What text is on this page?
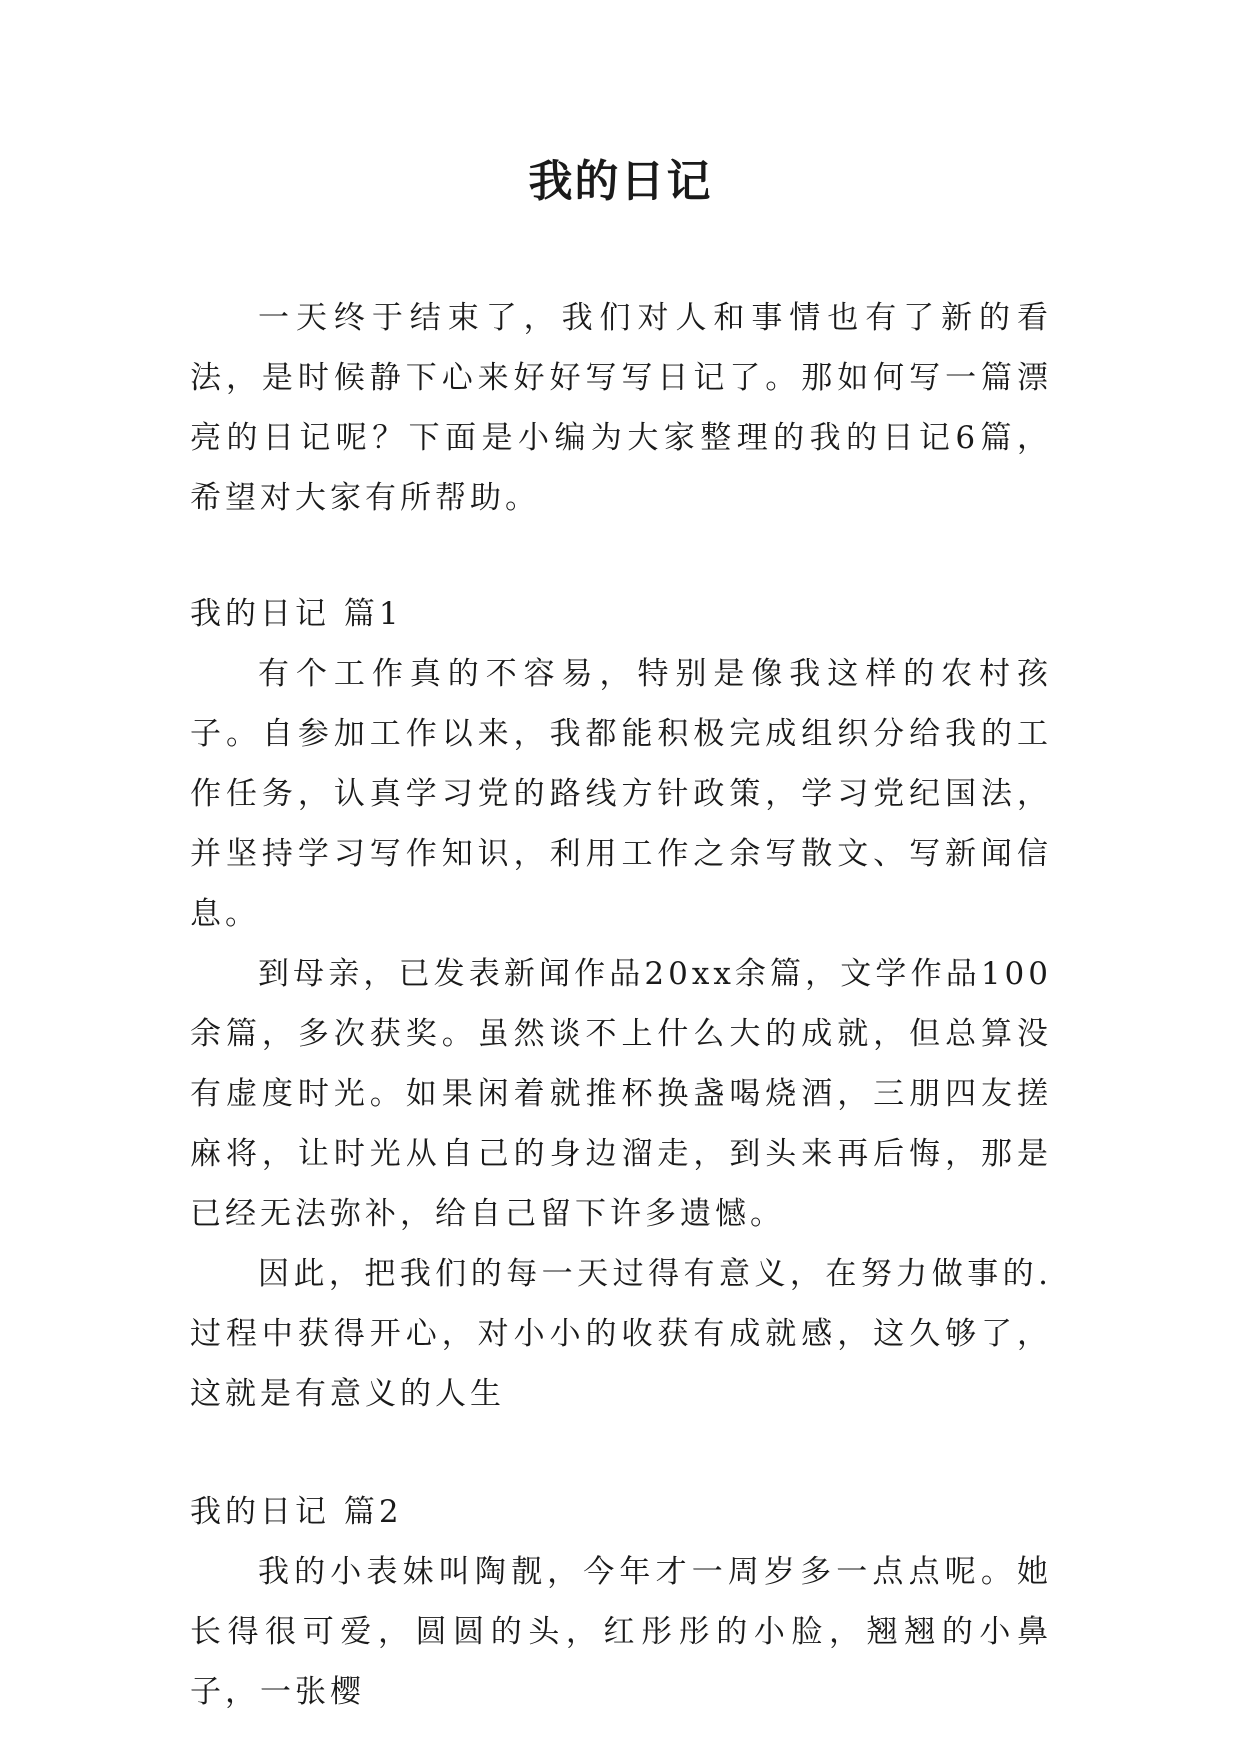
我的日记

一天终于结束了，我们对人和事情也有了新的看法，是时候静下心来好好写写日记了。那如何写一篇漂亮的日记呢？下面是小编为大家整理的我的日记6篇，希望对大家有所帮助。

我的日记 篇1

有个工作真的不容易，特别是像我这样的农村孩子。自参加工作以来，我都能积极完成组织分给我的工作任务，认真学习党的路线方针政策，学习党纪国法，并坚持学习写作知识，利用工作之余写散文、写新闻信息。

到母亲，已发表新闻作品20xx余篇，文学作品100余篇，多次获奖。虽然谈不上什么大的成就，但总算没有虚度时光。如果闲着就推杯换盏喝烧酒，三朋四友搓麻将，让时光从自己的身边溜走，到头来再后悔，那是已经无法弥补，给自己留下许多遗憾。

因此，把我们的每一天过得有意义，在努力做事的.过程中获得开心，对小小的收获有成就感，这久够了，这就是有意义的人生

我的日记 篇2

我的小表妹叫陶靓，今年才一周岁多一点点呢。她长得很可爱，圆圆的头，红彤彤的小脸，翘翘的小鼻子，一张樱
